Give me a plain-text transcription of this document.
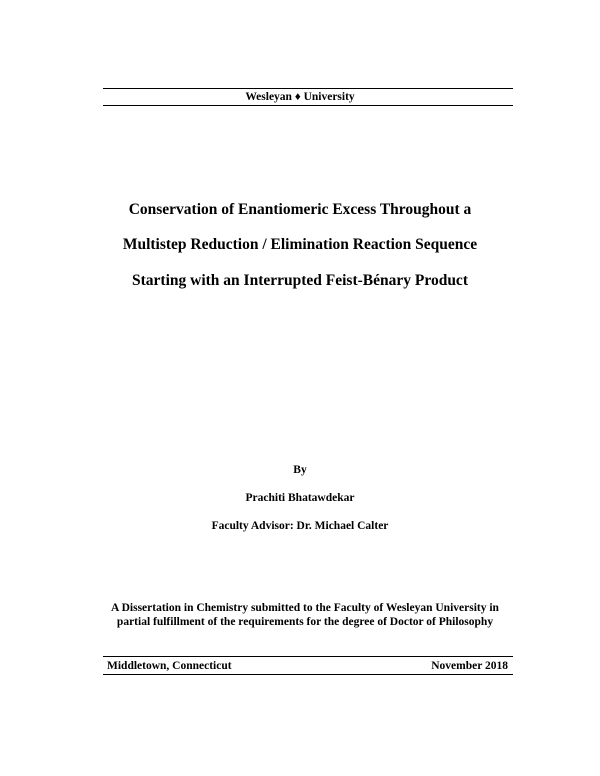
Wesleyan ♦ University
Conservation of Enantiomeric Excess Throughout a
Multistep Reduction / Elimination Reaction Sequence
Starting with an Interrupted Feist-Bénary Product
By
Prachiti Bhatawdekar
Faculty Advisor: Dr. Michael Calter
A Dissertation in Chemistry submitted to the Faculty of Wesleyan University in
partial fulfillment of the requirements for the degree of Doctor of Philosophy
Middletown, Connecticut	November 2018
